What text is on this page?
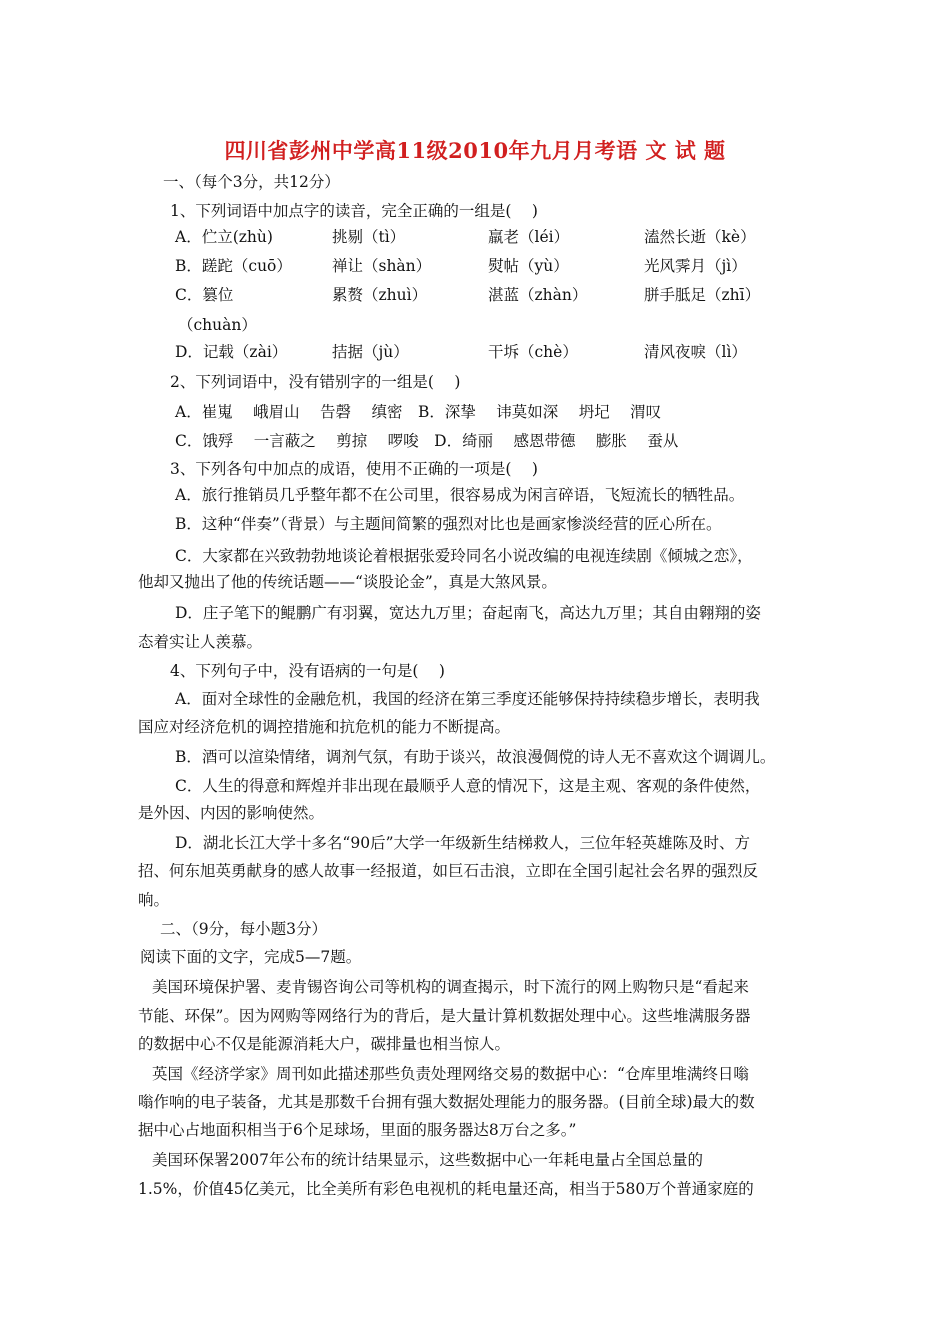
四川省彭州中学高11级2010年九月月考语 文 试 题
一、（每个3分，共12分）
1、下列词语中加点字的读音，完全正确的一组是(　 )
A．伫立(zhù)	挑剔（tì）	羸老（léi）	溘然长逝（kè）
B．蹉跎（cuō）	禅让（shàn）	熨帖（yù）	光风霁月（jì）
C．篡位	累赘（zhuì）	湛蓝（zhàn）	胼手胝足（zhī）
（chuàn）
D．记载（zài）	拮据（jù）	干坼（chè）	清风夜唳（lì）
2、下列词语中，没有错别字的一组是(　 )
A．崔嵬　 峨眉山　 告磬　 缜密　B．深挚　 讳莫如深　 坍圮　 渭叹
C．饿殍　 一言蔽之　 剪掠　 啰唆　D．绮丽　 感恩带德　 膨胀　 蚕从
3、下列各句中加点的成语，使用不正确的一项是(　 )
A．旅行推销员几乎整年都不在公司里，很容易成为闲言碎语，飞短流长的牺牲品。
B．这种“伴奏”（背景）与主题间简繁的强烈对比也是画家惨淡经营的匠心所在。
C．大家都在兴致勃勃地谈论着根据张爱玲同名小说改编的电视连续剧《倾城之恋》，
他却又抛出了他的传统话题——“谈股论金”，真是大煞风景。
D．庄子笔下的鲲鹏广有羽翼，宽达九万里；奋起南飞，高达九万里；其自由翱翔的姿
态着实让人羡慕。
4、下列句子中，没有语病的一句是(　 )
A．面对全球性的金融危机，我国的经济在第三季度还能够保持持续稳步增长，表明我
国应对经济危机的调控措施和抗危机的能力不断提高。
B．酒可以渲染情绪，调剂气氛，有助于谈兴，故浪漫倜傥的诗人无不喜欢这个调调儿。
C．人生的得意和辉煌并非出现在最顺乎人意的情况下，这是主观、客观的条件使然，
是外因、内因的影响使然。
D．湖北长江大学十多名“90后”大学一年级新生结梯救人，三位年轻英雄陈及时、方
招、何东旭英勇献身的感人故事一经报道，如巨石击浪，立即在全国引起社会名界的强烈反
响。
二、（9分，每小题3分）
阅读下面的文字，完成5—7题。
美国环境保护署、麦肯锡咨询公司等机构的调查揭示，时下流行的网上购物只是“看起来
节能、环保”。因为网购等网络行为的背后，是大量计算机数据处理中心。这些堆满服务器
的数据中心不仅是能源消耗大户，碳排量也相当惊人。
英国《经济学家》周刊如此描述那些负责处理网络交易的数据中心：“仓库里堆满终日嗡
嗡作响的电子装备，尤其是那数千台拥有强大数据处理能力的服务器。(目前全球)最大的数
据中心占地面积相当于6个足球场，里面的服务器达8万台之多。”
美国环保署2007年公布的统计结果显示，这些数据中心一年耗电量占全国总量的
1.5%，价值45亿美元，比全美所有彩色电视机的耗电量还高，相当于580万个普通家庭的
